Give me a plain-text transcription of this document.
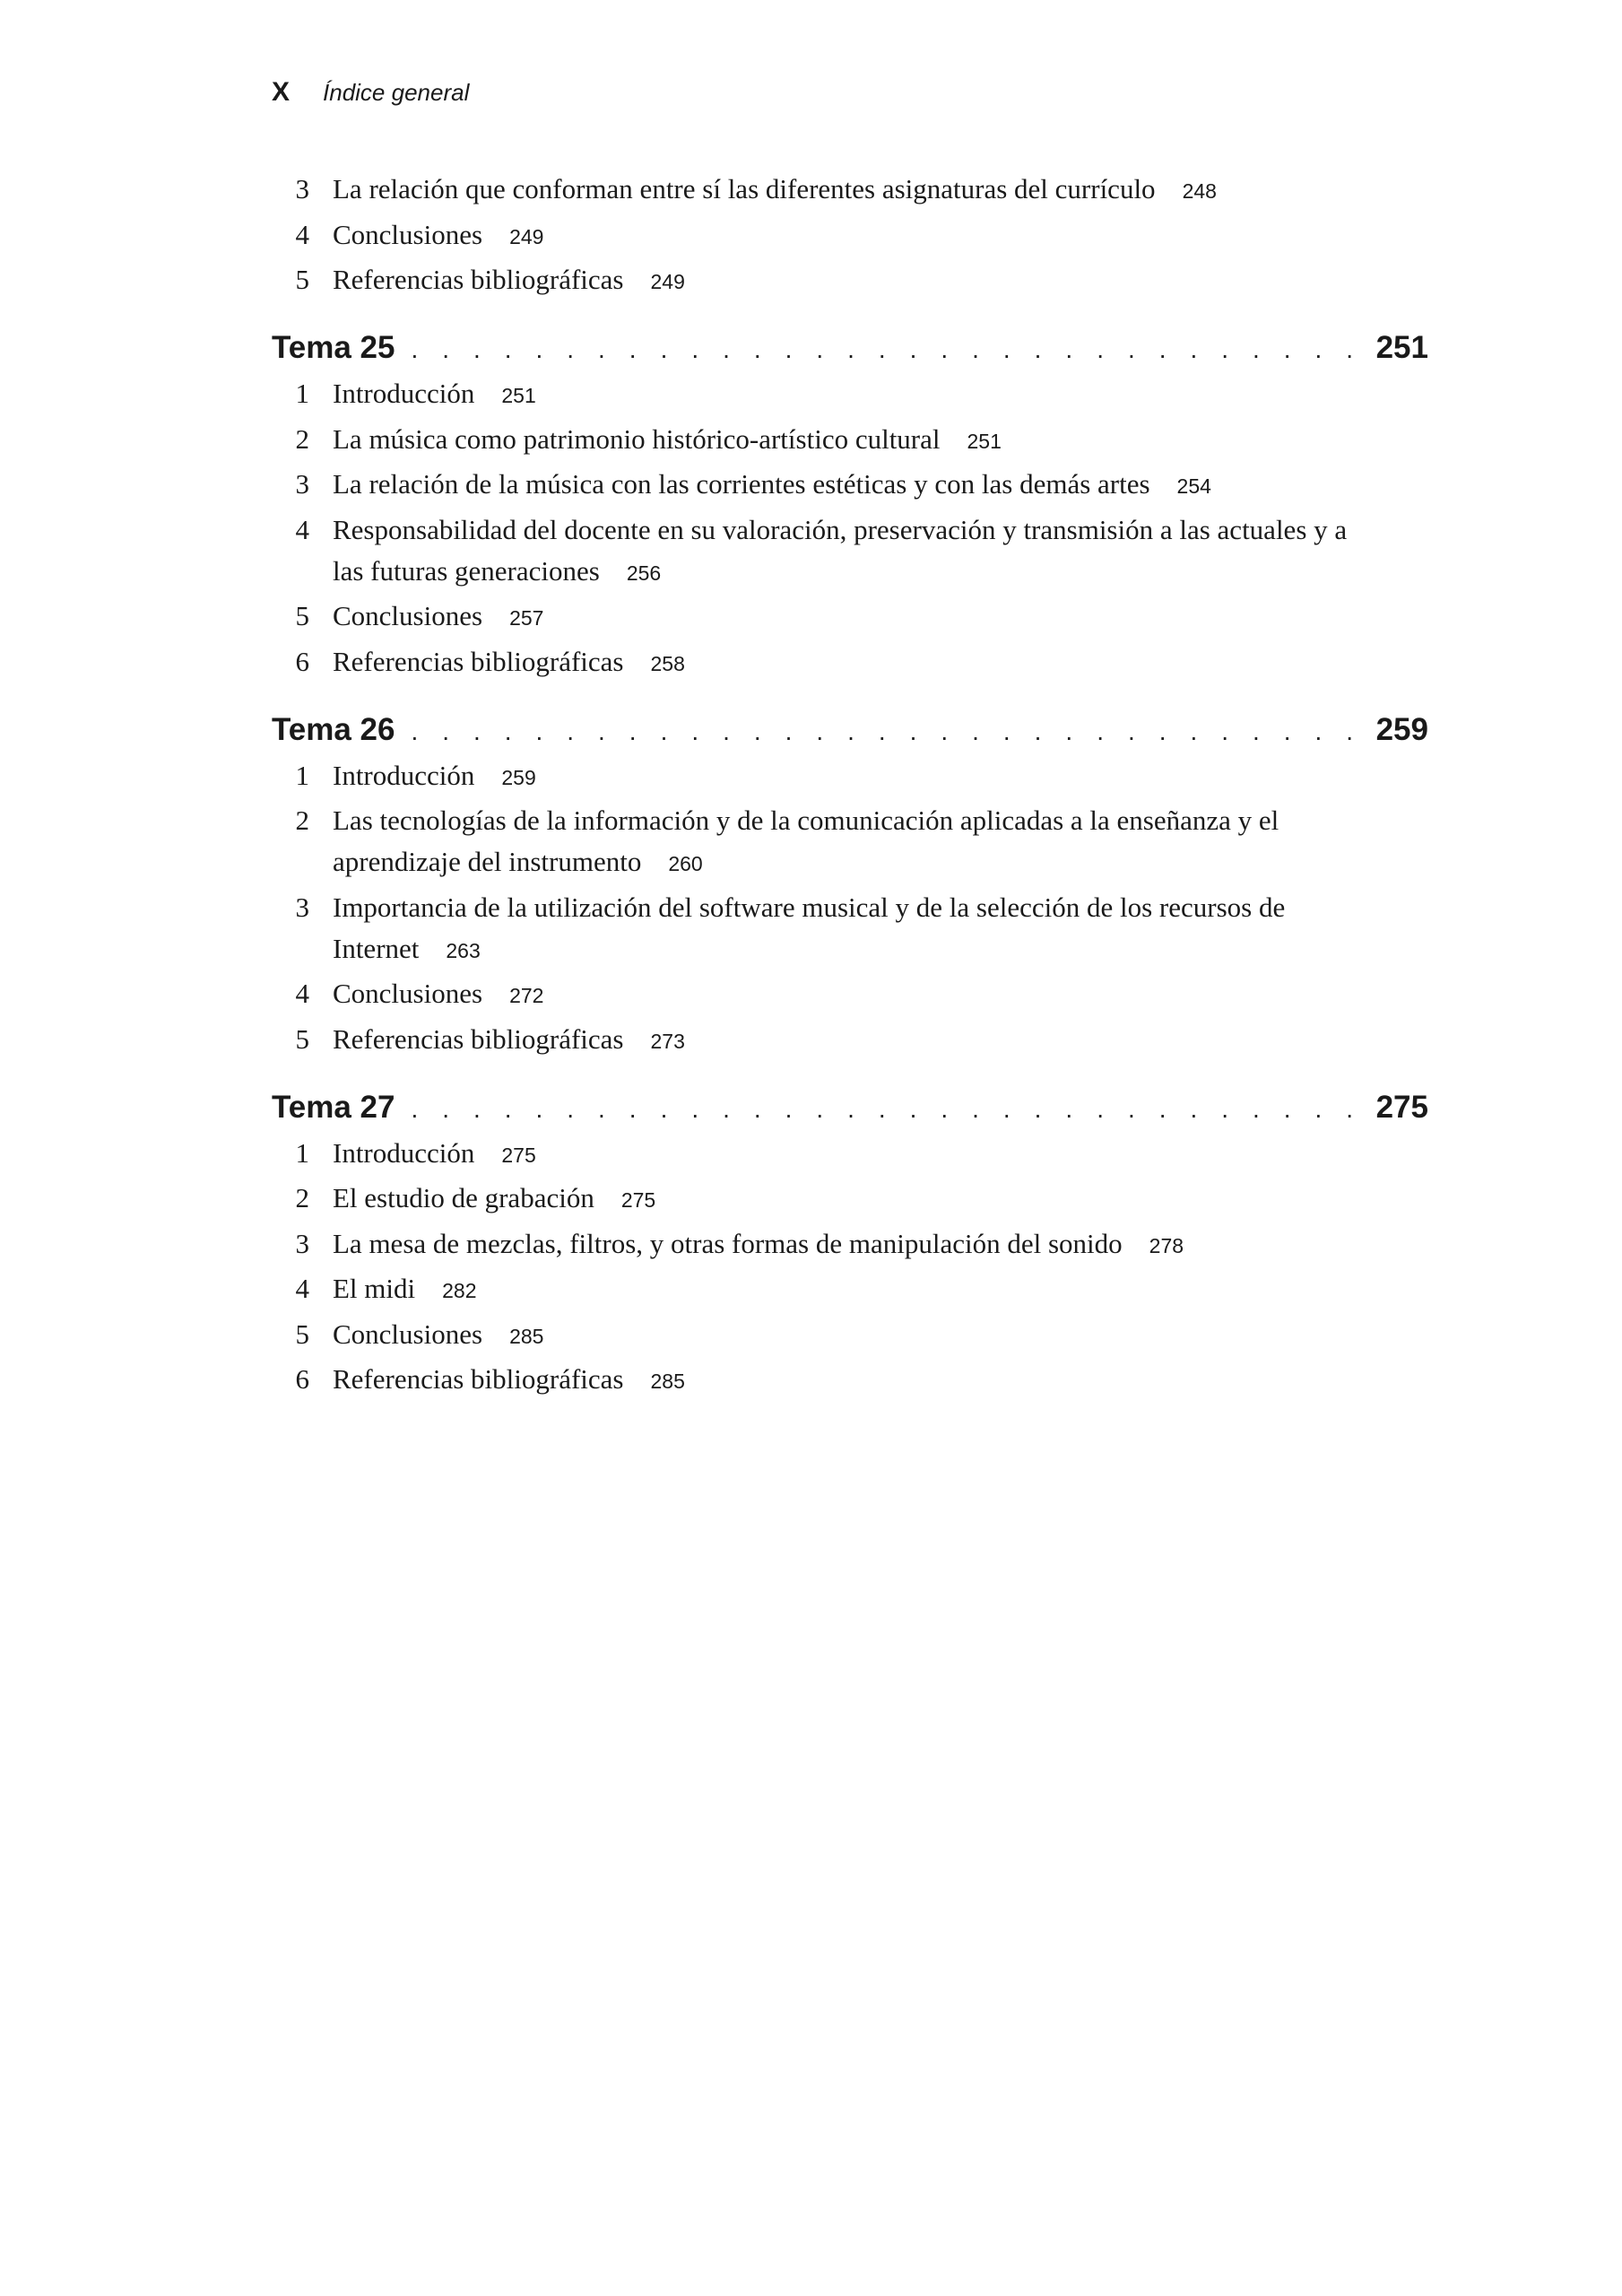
X Índice general
3 La relación que conforman entre sí las diferentes asignaturas del currículo 248
4 Conclusiones 249
5 Referencias bibliográficas 249
Tema 25 . . .	251
1 Introducción 251
2 La música como patrimonio histórico-artístico cultural 251
3 La relación de la música con las corrientes estéticas y con las demás artes 254
4 Responsabilidad del docente en su valoración, preservación y transmisión a las actuales y a las futuras generaciones 256
5 Conclusiones 257
6 Referencias bibliográficas 258
Tema 26 . . .	259
1 Introducción 259
2 Las tecnologías de la información y de la comunicación aplicadas a la enseñanza y el aprendizaje del instrumento 260
3 Importancia de la utilización del software musical y de la selección de los recursos de Internet 263
4 Conclusiones 272
5 Referencias bibliográficas 273
Tema 27 . . .	275
1 Introducción 275
2 El estudio de grabación 275
3 La mesa de mezclas, filtros, y otras formas de manipulación del sonido 278
4 El midi 282
5 Conclusiones 285
6 Referencias bibliográficas 285
